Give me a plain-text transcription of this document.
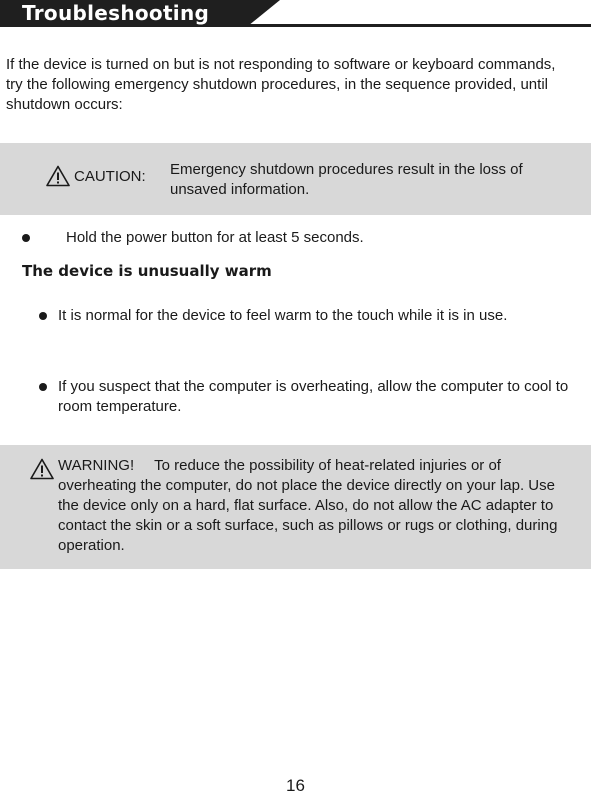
Troubleshooting

If the device is turned on but is not responding to software or keyboard commands, try the following emergency shutdown procedures, in the sequence provided, until shutdown occurs:

CAUTION: Emergency shutdown procedures result in the loss of unsaved information.

Hold the power button for at least 5 seconds.

The device is unusually warm

It is normal for the device to feel warm to the touch while it is in use.

If you suspect that the computer is overheating, allow the computer to cool to room temperature.

WARNING! To reduce the possibility of heat-related injuries or of overheating the computer, do not place the device directly on your lap. Use the device only on a hard, flat surface. Also, do not allow the AC adapter to contact the skin or a soft surface, such as pillows or rugs or clothing, during operation.

16
